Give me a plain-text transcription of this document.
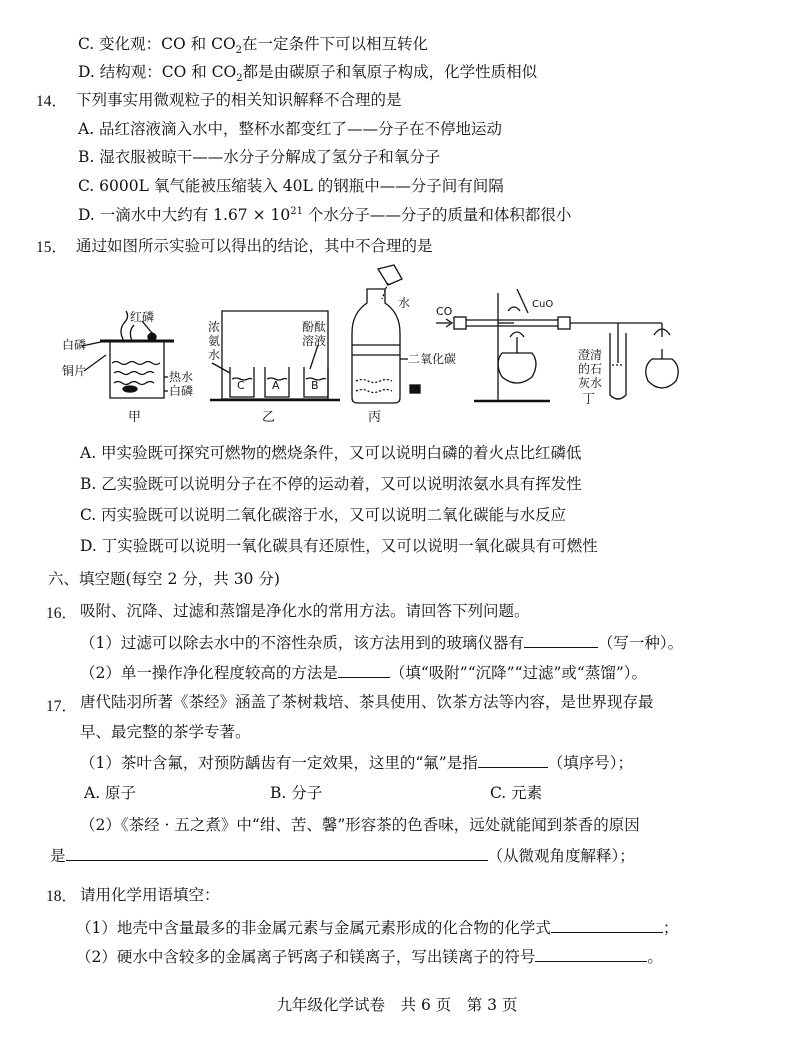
C. 变化观：CO 和 $CO_2$在一定条件下可以相互转化
D. 结构观：CO 和 $CO_2$都是由碳原子和氧原子构成，化学性质相似
14． 下列事实用微观粒子的相关知识解释不合理的是
A. 品红溶液滴入水中，整杯水都变红了——分子在不停地运动
B. 湿衣服被晾干——水分子分解成了氢分子和氧分子
C. 6000L 氧气能被压缩装入 40L 的钢瓶中——分子间有间隔
D. 一滴水中大约有 $1.67 \times 10^{21}$ 个水分子——分子的质量和体积都很小
15． 通过如图所示实验可以得出的结论，其中不合理的是
红磷
白磷
铜片	热水
白磷
甲
浓
氨
水
酚酞
溶液
C A	B
乙
水
二氧化碳
丙
CO
CuO
澄清
的石
灰水
丁
A. 甲实验既可探究可燃物的燃烧条件，又可以说明白磷的着火点比红磷低
B. 乙实验既可以说明分子在不停的运动着，又可以说明浓氨水具有挥发性
C. 丙实验既可以说明二氧化碳溶于水，又可以说明二氧化碳能与水反应
D. 丁实验既可以说明一氧化碳具有还原性，又可以说明一氧化碳具有可燃性
六、填空题(每空 2 分，共 30 分)
16． 吸附、沉降、过滤和蒸馏是净化水的常用方法。请回答下列问题。
（1）过滤可以除去水中的不溶性杂质，该方法用到的玻璃仪器有	（写一种）。
（2）单一操作净化程度较高的方法是	（填“吸附”“沉降”“过滤”或“蒸馏”）。
17． 唐代陆羽所著《茶经》涵盖了茶树栽培、茶具使用、饮茶方法等内容，是世界现存最
早、最完整的茶学专著。
（1）茶叶含氟，对预防龋齿有一定效果，这里的“氟”是指	（填序号）；
A. 原子	B. 分子	C. 元素
（2）《茶经 · 五之煮》中“绀、苦、馨”形容茶的色香味，远处就能闻到茶香的原因
是	（从微观角度解释）；
18． 请用化学用语填空：
（1）地壳中含量最多的非金属元素与金属元素形成的化合物的化学式	；
（2）硬水中含较多的金属离子钙离子和镁离子，写出镁离子的符号	。
九年级化学试卷　共 6 页　第 3 页
